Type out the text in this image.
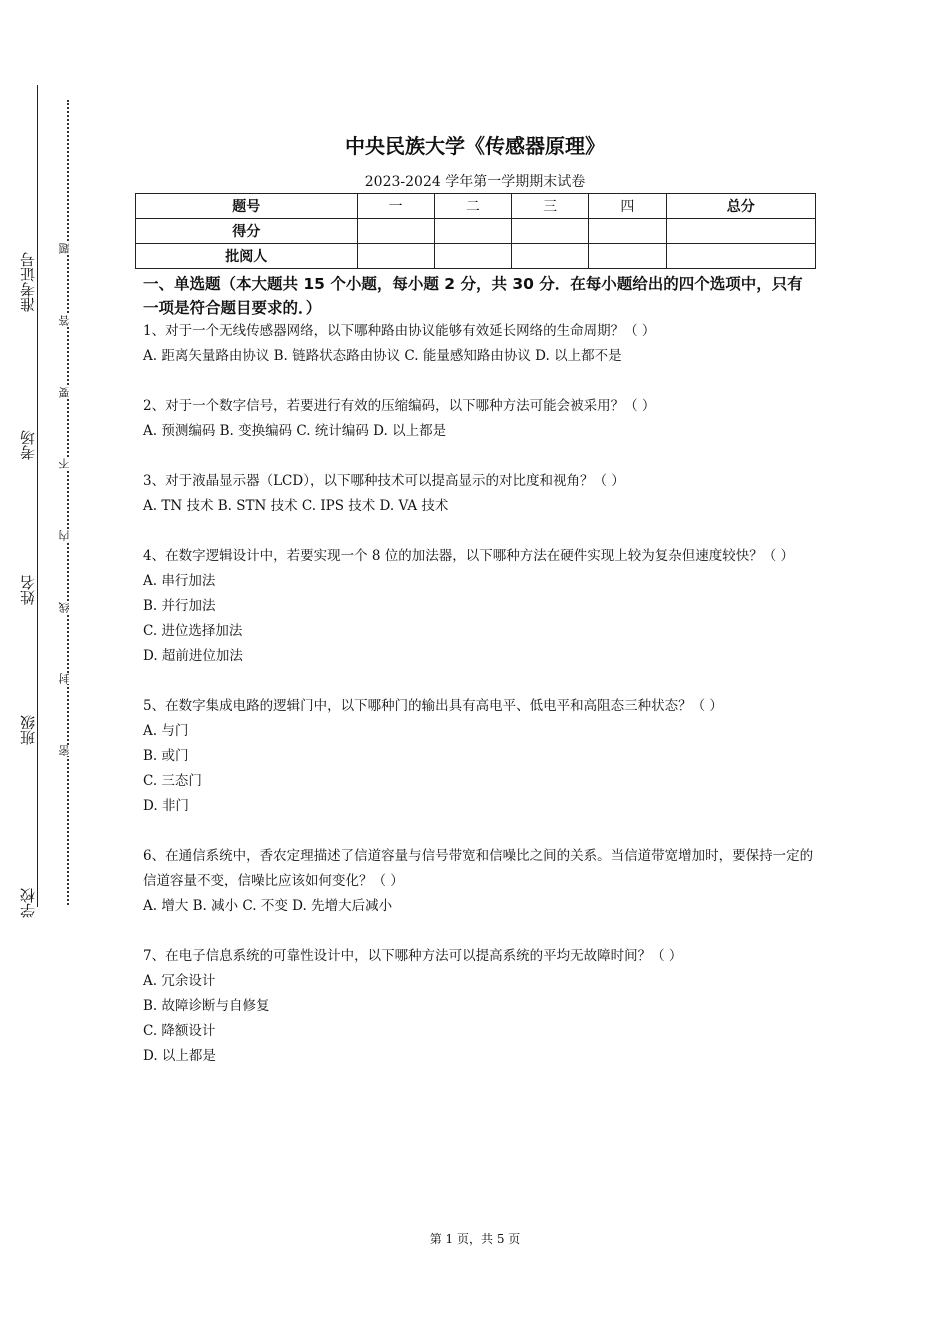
准考证号
考场
姓名
班级
学校
题
答
要
不
内
线
封
密
中央民族大学《传感器原理》
2023-2024 学年第一学期期末试卷
题号	一	二	三	四	总分
得分					
批阅人					
一、单选题（本大题共 15 个小题，每小题 2 分，共 30 分．在每小题给出的四个选项中，只有一项是符合题目要求的．）

1、对于一个无线传感器网络，以下哪种路由协议能够有效延长网络的生命周期？（ ）

A. 距离矢量路由协议 B. 链路状态路由协议 C. 能量感知路由协议 D. 以上都不是

2、对于一个数字信号，若要进行有效的压缩编码，以下哪种方法可能会被采用？（ ）

A. 预测编码 B. 变换编码 C. 统计编码 D. 以上都是

3、对于液晶显示器（LCD），以下哪种技术可以提高显示的对比度和视角？（ ）

A. TN 技术 B. STN 技术 C. IPS 技术 D. VA 技术

4、在数字逻辑设计中，若要实现一个 8 位的加法器，以下哪种方法在硬件实现上较为复杂但速度较快？（ ）

A. 串行加法

B. 并行加法

C. 进位选择加法

D. 超前进位加法

5、在数字集成电路的逻辑门中，以下哪种门的输出具有高电平、低电平和高阻态三种状态？（ ）

A. 与门

B. 或门

C. 三态门

D. 非门

6、在通信系统中，香农定理描述了信道容量与信号带宽和信噪比之间的关系。当信道带宽增加时，要保持一定的信道容量不变，信噪比应该如何变化？（ ）

A. 增大 B. 减小 C. 不变 D. 先增大后减小

7、在电子信息系统的可靠性设计中，以下哪种方法可以提高系统的平均无故障时间？（ ）

A. 冗余设计

B. 故障诊断与自修复

C. 降额设计

D. 以上都是

第 1 页，共 5 页
